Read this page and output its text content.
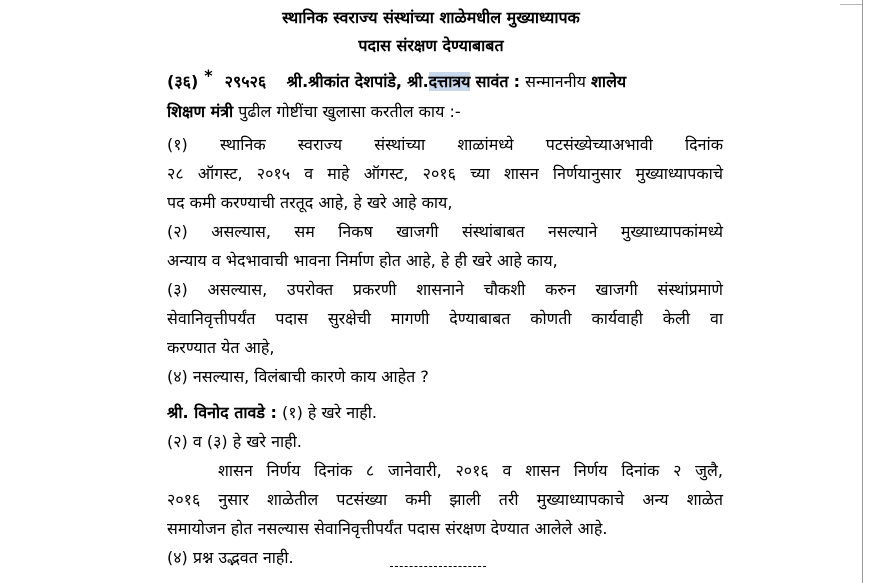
स्थानिक स्वराज्य संस्थांच्या शाळेमधील मुख्याध्यापक
पदास संरक्षण देण्याबाबत
(३६) * २९५२६ श्री.श्रीकांत देशपांडे, श्री.दत्तात्रय सावंत : सन्माननीय शालेय
शिक्षण मंत्री पुढील गोष्टींचा खुलासा करतील काय :-
(१) स्थानिक स्वराज्य संस्थांच्या शाळांमध्ये पटसंख्येच्याअभावी दिनांक
२८ ऑगस्ट, २०१५ व माहे ऑगस्ट, २०१६ च्या शासन निर्णयानुसार मुख्याध्यापकाचे
पद कमी करण्याची तरतूद आहे, हे खरे आहे काय,
(२) असल्यास, सम निकष खाजगी संस्थांबाबत नसल्याने मुख्याध्यापकांमध्ये
अन्याय व भेदभावाची भावना निर्माण होत आहे, हे ही खरे आहे काय,
(३) असल्यास, उपरोक्त प्रकरणी शासनाने चौकशी करुन खाजगी संस्थांप्रमाणे
सेवानिवृत्तीपर्यंत पदास सुरक्षेची मागणी देण्याबाबत कोणती कार्यवाही केली वा
करण्यात येत आहे,
(४) नसल्यास, विलंबाची कारणे काय आहेत ?
श्री. विनोद तावडे : (१) हे खरे नाही.
(२) व (३) हे खरे नाही.
शासन निर्णय दिनांक ८ जानेवारी, २०१६ व शासन निर्णय दिनांक २ जुलै,
२०१६ नुसार शाळेतील पटसंख्या कमी झाली तरी मुख्याध्यापकाचे अन्य शाळेत
समायोजन होत नसल्यास सेवानिवृत्तीपर्यंत पदास संरक्षण देण्यात आलेले आहे.
(४) प्रश्न उद्भवत नाही.
